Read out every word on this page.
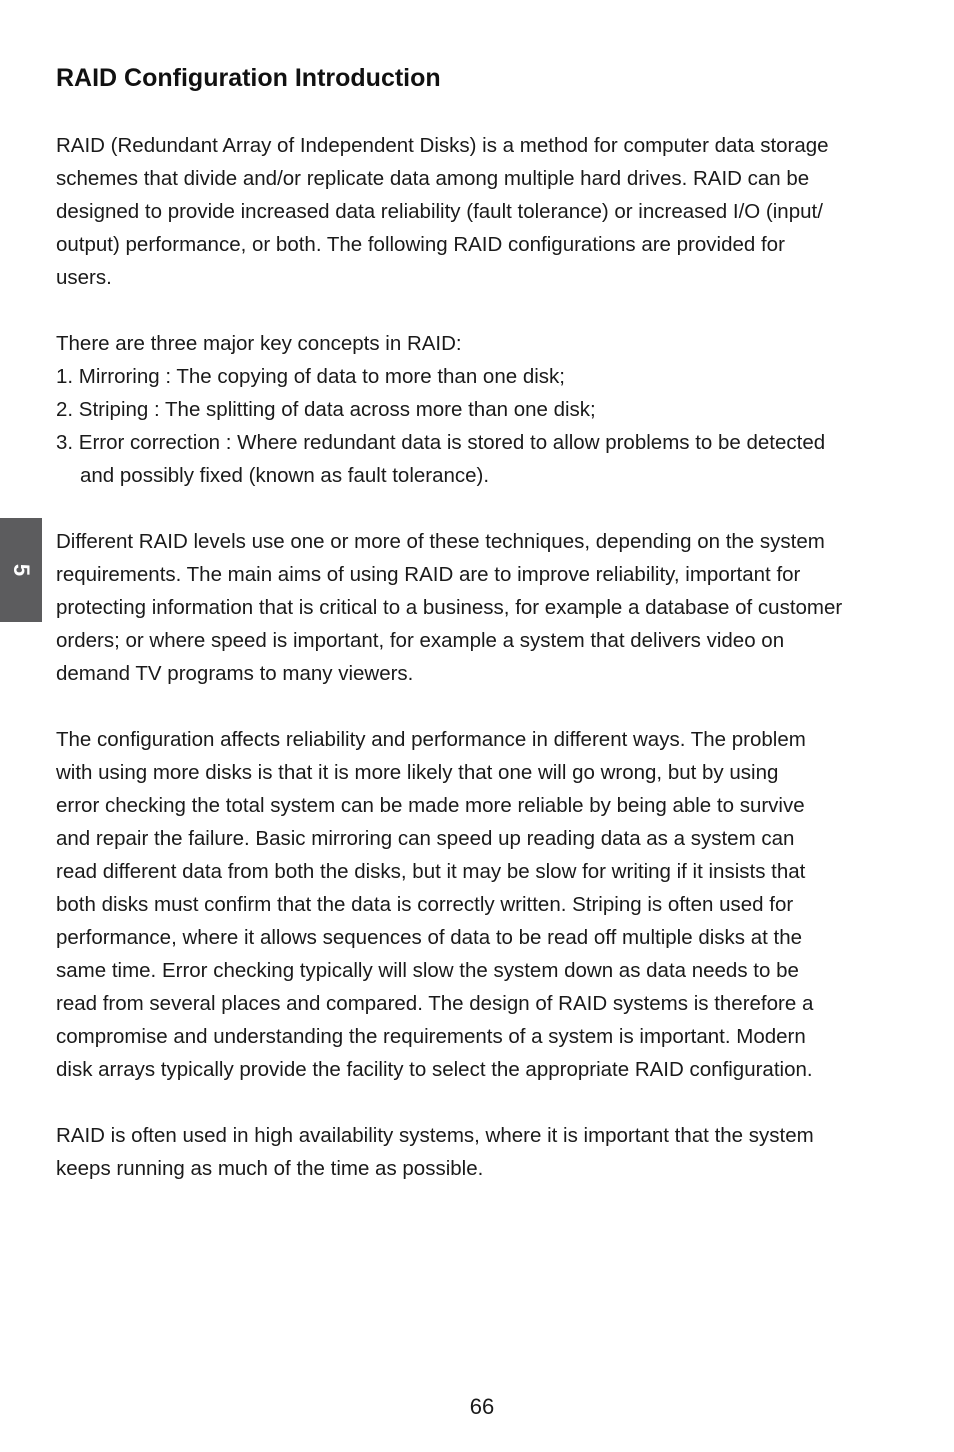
5
RAID Configuration Introduction
RAID (Redundant Array of Independent Disks) is a method for computer data storage
schemes that divide and/or replicate data among multiple hard drives. RAID can be
designed to provide increased data reliability (fault tolerance) or increased I/O (input/
output) performance, or both. The following RAID configurations are provided for
users.
There are three major key concepts in RAID:
1. Mirroring : The copying of data to more than one disk;
2. Striping : The splitting of data across more than one disk;
3. Error correction : Where redundant data is stored to allow problems to be detected
and possibly fixed (known as fault tolerance).
Different RAID levels use one or more of these techniques, depending on the system
requirements. The main aims of using RAID are to improve reliability, important for
protecting information that is critical to a business, for example a database of customer
orders; or where speed is important, for example a system that delivers video on
demand TV programs to many viewers.
The configuration affects reliability and performance in different ways. The problem
with using more disks is that it is more likely that one will go wrong, but by using
error checking the total system can be made more reliable by being able to survive
and repair the failure. Basic mirroring can speed up reading data as a system can
read different data from both the disks, but it may be slow for writing if it insists that
both disks must confirm that the data is correctly written. Striping is often used for
performance, where it allows sequences of data to be read off multiple disks at the
same time. Error checking typically will slow the system down as data needs to be
read from several places and compared. The design of RAID systems is therefore a
compromise and understanding the requirements of a system is important. Modern
disk arrays typically provide the facility to select the appropriate RAID configuration.
RAID is often used in high availability systems, where it is important that the system
keeps running as much of the time as possible.
66
